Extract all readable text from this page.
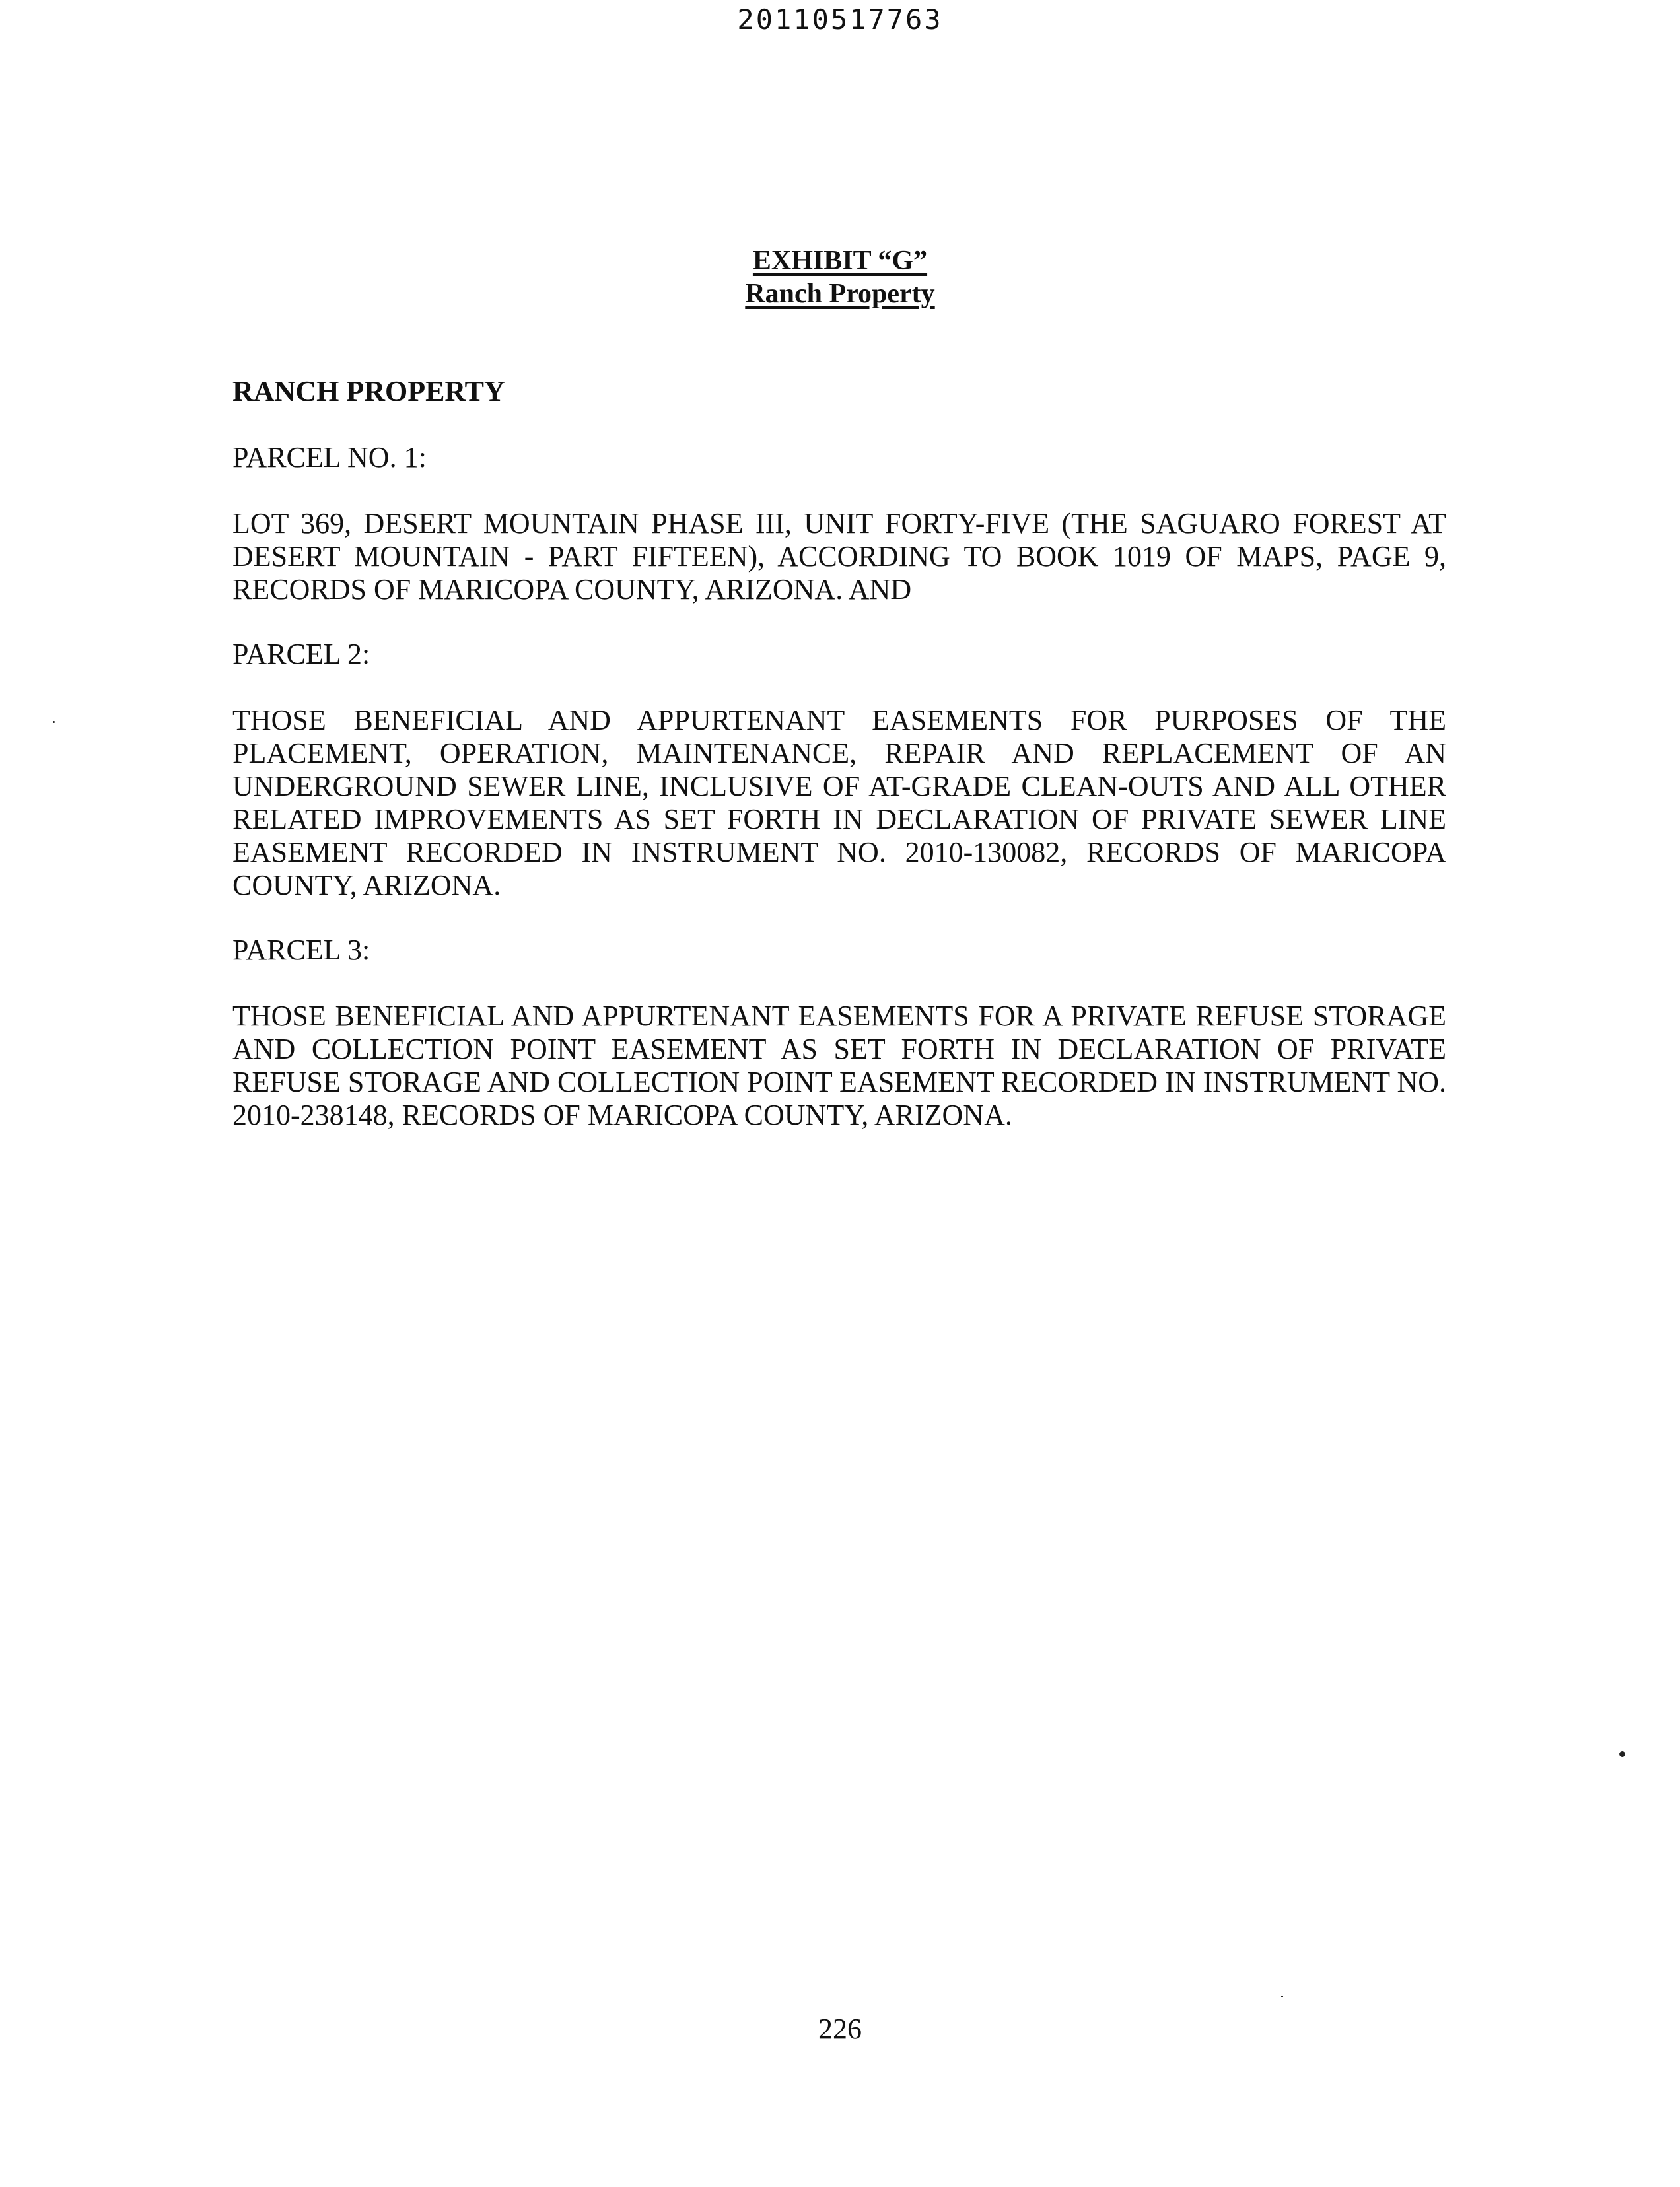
20110517763
EXHIBIT “G”
Ranch Property
RANCH PROPERTY
PARCEL NO. 1:
LOT 369, DESERT MOUNTAIN PHASE III, UNIT FORTY-FIVE (THE SAGUARO FOREST AT DESERT MOUNTAIN - PART FIFTEEN), ACCORDING TO BOOK 1019 OF MAPS, PAGE 9, RECORDS OF MARICOPA COUNTY, ARIZONA. AND
PARCEL 2:
THOSE BENEFICIAL AND APPURTENANT EASEMENTS FOR PURPOSES OF THE PLACEMENT, OPERATION, MAINTENANCE, REPAIR AND REPLACEMENT OF AN UNDERGROUND SEWER LINE, INCLUSIVE OF AT-GRADE CLEAN-OUTS AND ALL OTHER RELATED IMPROVEMENTS AS SET FORTH IN DECLARATION OF PRIVATE SEWER LINE EASEMENT RECORDED IN INSTRUMENT NO. 2010-130082, RECORDS OF MARICOPA COUNTY, ARIZONA.
PARCEL 3:
THOSE BENEFICIAL AND APPURTENANT EASEMENTS FOR A PRIVATE REFUSE STORAGE AND COLLECTION POINT EASEMENT AS SET FORTH IN DECLARATION OF PRIVATE REFUSE STORAGE AND COLLECTION POINT EASEMENT RECORDED IN INSTRUMENT NO. 2010-238148, RECORDS OF MARICOPA COUNTY, ARIZONA.
226
